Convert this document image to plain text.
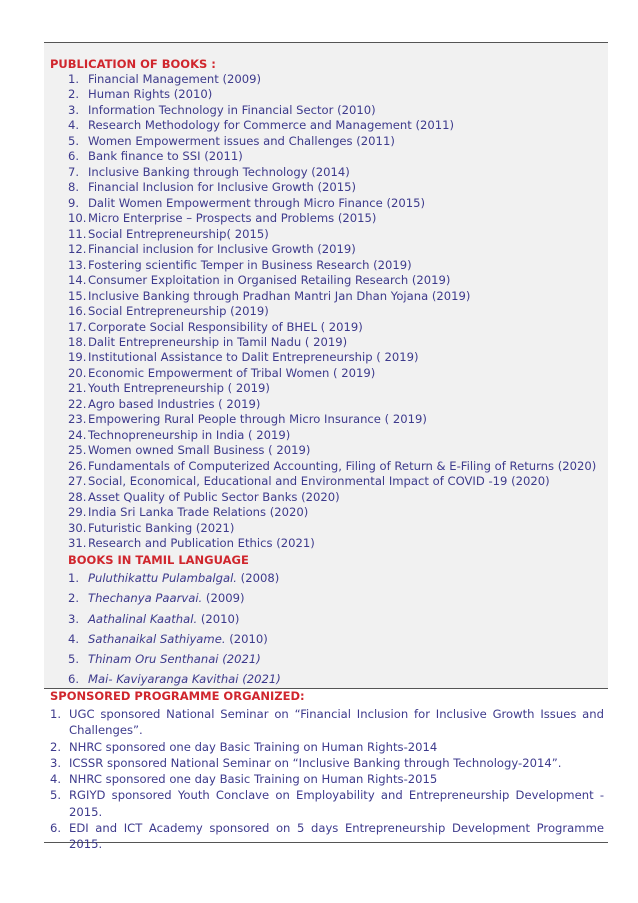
PUBLICATION OF BOOKS :
1. Financial Management (2009)
2. Human Rights (2010)
3. Information Technology in Financial Sector (2010)
4. Research Methodology for Commerce and Management (2011)
5. Women Empowerment issues and Challenges (2011)
6. Bank finance to SSI (2011)
7. Inclusive Banking through Technology (2014)
8. Financial Inclusion for Inclusive Growth (2015)
9. Dalit Women Empowerment through Micro Finance (2015)
10. Micro Enterprise – Prospects and Problems (2015)
11. Social Entrepreneurship( 2015)
12. Financial inclusion for Inclusive Growth (2019)
13. Fostering scientific Temper in Business Research (2019)
14. Consumer Exploitation in Organised Retailing Research (2019)
15. Inclusive Banking through Pradhan Mantri Jan Dhan Yojana (2019)
16. Social Entrepreneurship (2019)
17. Corporate Social Responsibility of BHEL ( 2019)
18. Dalit Entrepreneurship in Tamil Nadu ( 2019)
19. Institutional Assistance to Dalit Entrepreneurship ( 2019)
20. Economic Empowerment of Tribal Women ( 2019)
21. Youth Entrepreneurship ( 2019)
22. Agro based Industries ( 2019)
23. Empowering Rural People through Micro Insurance ( 2019)
24. Technopreneurship in India ( 2019)
25. Women owned Small Business ( 2019)
26. Fundamentals of Computerized Accounting, Filing of Return & E-Filing of Returns (2020)
27. Social, Economical, Educational and Environmental Impact of COVID -19 (2020)
28. Asset Quality of Public Sector Banks (2020)
29. India Sri Lanka Trade Relations (2020)
30. Futuristic Banking (2021)
31. Research and Publication Ethics (2021)
BOOKS IN TAMIL LANGUAGE
1. Puluthikattu Pulambalgal. (2008)
2. Thechanya Paarvai. (2009)
3. Aathalinal Kaathal. (2010)
4. Sathanaikal Sathiyame. (2010)
5. Thinam Oru Senthanai (2021)
6. Mai- Kaviyaranga Kavithai (2021)
SPONSORED PROGRAMME ORGANIZED:
1. UGC sponsored National Seminar on “Financial Inclusion for Inclusive Growth Issues and Challenges”.
2. NHRC sponsored one day Basic Training on Human Rights-2014
3. ICSSR sponsored National Seminar on “Inclusive Banking through Technology-2014”.
4. NHRC sponsored one day Basic Training on Human Rights-2015
5. RGIYD sponsored Youth Conclave on Employability and Entrepreneurship Development - 2015.
6. EDI and ICT Academy sponsored on 5 days Entrepreneurship Development Programme 2015.
